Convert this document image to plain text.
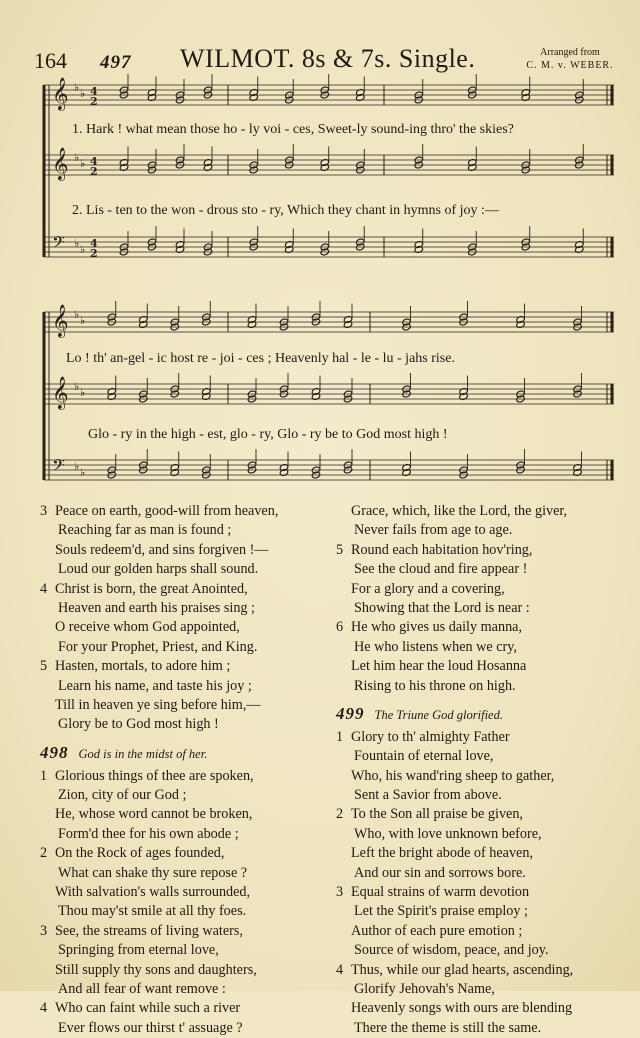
164 497 WILMOT. 8s & 7s. Single.	Arranged from
C. M. v. WEBER.
𝄞 ♭ ♭ 4
2
𝄞 ♭ ♭ 4
2
𝄢 ♭ ♭ 4
2
𝄞 ♭ ♭
𝄞 ♭ ♭
𝄢 ♭ ♭
1. Hark ! what mean those ho - ly voi - ces, Sweet-ly sound-ing thro' the skies?
2. Lis - ten to the won - drous sto - ry, Which they chant in hymns of joy :—
Lo ! th' an-gel - ic host re - joi - ces ; Heavenly hal - le - lu - jahs rise.
Glo - ry in the high - est, glo - ry, Glo - ry be to God most high !
3 Peace on earth, good-will from heaven,
Reaching far as man is found ;
Souls redeem'd, and sins forgiven !—
Loud our golden harps shall sound.
4 Christ is born, the great Anointed,
Heaven and earth his praises sing ;
O receive whom God appointed,
For your Prophet, Priest, and King.
5 Hasten, mortals, to adore him ;
Learn his name, and taste his joy ;
Till in heaven ye sing before him,—
Glory be to God most high !
498 God is in the midst of her.
1 Glorious things of thee are spoken,
Zion, city of our God ;
He, whose word cannot be broken,
Form'd thee for his own abode ;
2 On the Rock of ages founded,
What can shake thy sure repose ?
With salvation's walls surrounded,
Thou may'st smile at all thy foes.
3 See, the streams of living waters,
Springing from eternal love,
Still supply thy sons and daughters,
And all fear of want remove :
4 Who can faint while such a river
Ever flows our thirst t' assuage ?
Grace, which, like the Lord, the giver,
Never fails from age to age.
5 Round each habitation hov'ring,
See the cloud and fire appear !
For a glory and a covering,
Showing that the Lord is near :
6 He who gives us daily manna,
He who listens when we cry,
Let him hear the loud Hosanna
Rising to his throne on high.
499 The Triune God glorified.
1 Glory to th' almighty Father
Fountain of eternal love,
Who, his wand'ring sheep to gather,
Sent a Savior from above.
2 To the Son all praise be given,
Who, with love unknown before,
Left the bright abode of heaven,
And our sin and sorrows bore.
3 Equal strains of warm devotion
Let the Spirit's praise employ ;
Author of each pure emotion ;
Source of wisdom, peace, and joy.
4 Thus, while our glad hearts, ascending,
Glorify Jehovah's Name,
Heavenly songs with ours are blending
There the theme is still the same.
